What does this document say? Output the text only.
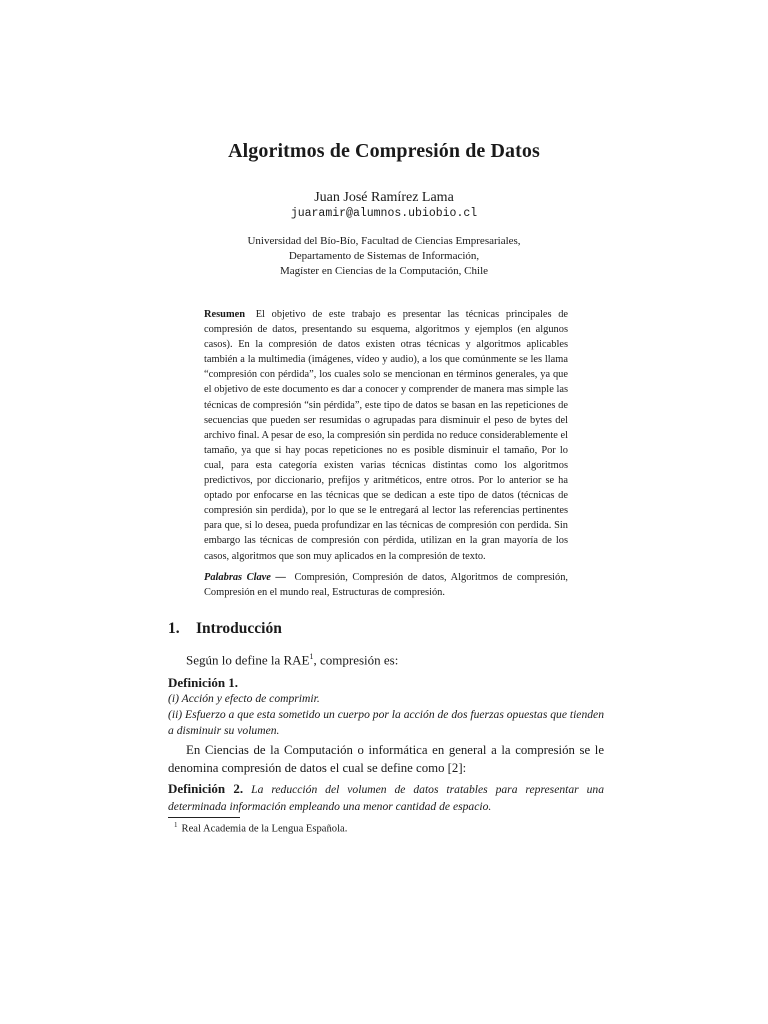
Algoritmos de Compresión de Datos
Juan José Ramírez Lama
juaramir@alumnos.ubiobio.cl
Universidad del Bío-Bío, Facultad de Ciencias Empresariales,
Departamento de Sistemas de Información,
Magíster en Ciencias de la Computación, Chile
Resumen El objetivo de este trabajo es presentar las técnicas principales de compresión de datos, presentando su esquema, algoritmos y ejemplos (en algunos casos). En la compresión de datos existen otras técnicas y algoritmos aplicables también a la multimedia (imágenes, vídeo y audio), a los que comúnmente se les llama “compresión con pérdida”, los cuales solo se mencionan en términos generales, ya que el objetivo de este documento es dar a conocer y comprender de manera mas simple las técnicas de compresión “sin pérdida”, este tipo de datos se basan en las repeticiones de secuencias que pueden ser resumidas o agrupadas para disminuir el peso de bytes del archivo final. A pesar de eso, la compresión sin perdida no reduce considerablemente el tamaño, ya que si hay pocas repeticiones no es posible disminuir el tamaño, Por lo cual, para esta categoría existen varias técnicas distintas como los algoritmos predictivos, por diccionario, prefijos y aritméticos, entre otros. Por lo anterior se ha optado por enfocarse en las técnicas que se dedican a este tipo de datos (técnicas de compresión sin perdida), por lo que se le entregará al lector las referencias pertinentes para que, si lo desea, pueda profundizar en las técnicas de compresión con perdida. Sin embargo las técnicas de compresión con pérdida, utilizan en la gran mayoría de los casos, algoritmos que son muy aplicados en la compresión de texto.
Palabras Clave — Compresión, Compresión de datos, Algoritmos de compresión, Compresión en el mundo real, Estructuras de compresión.
1. Introducción
Según lo define la RAE$^1$, compresión es:
Definición 1.
(i) Acción y efecto de comprimir.
(ii) Esfuerzo a que esta sometido un cuerpo por la acción de dos fuerzas opuestas que tienden a disminuir su volumen.
En Ciencias de la Computación o informática en general a la compresión se le denomina compresión de datos el cual se define como [2]:
Definición 2. La reducción del volumen de datos tratables para representar una determinada información empleando una menor cantidad de espacio.
$^1$ Real Academia de la Lengua Española.
